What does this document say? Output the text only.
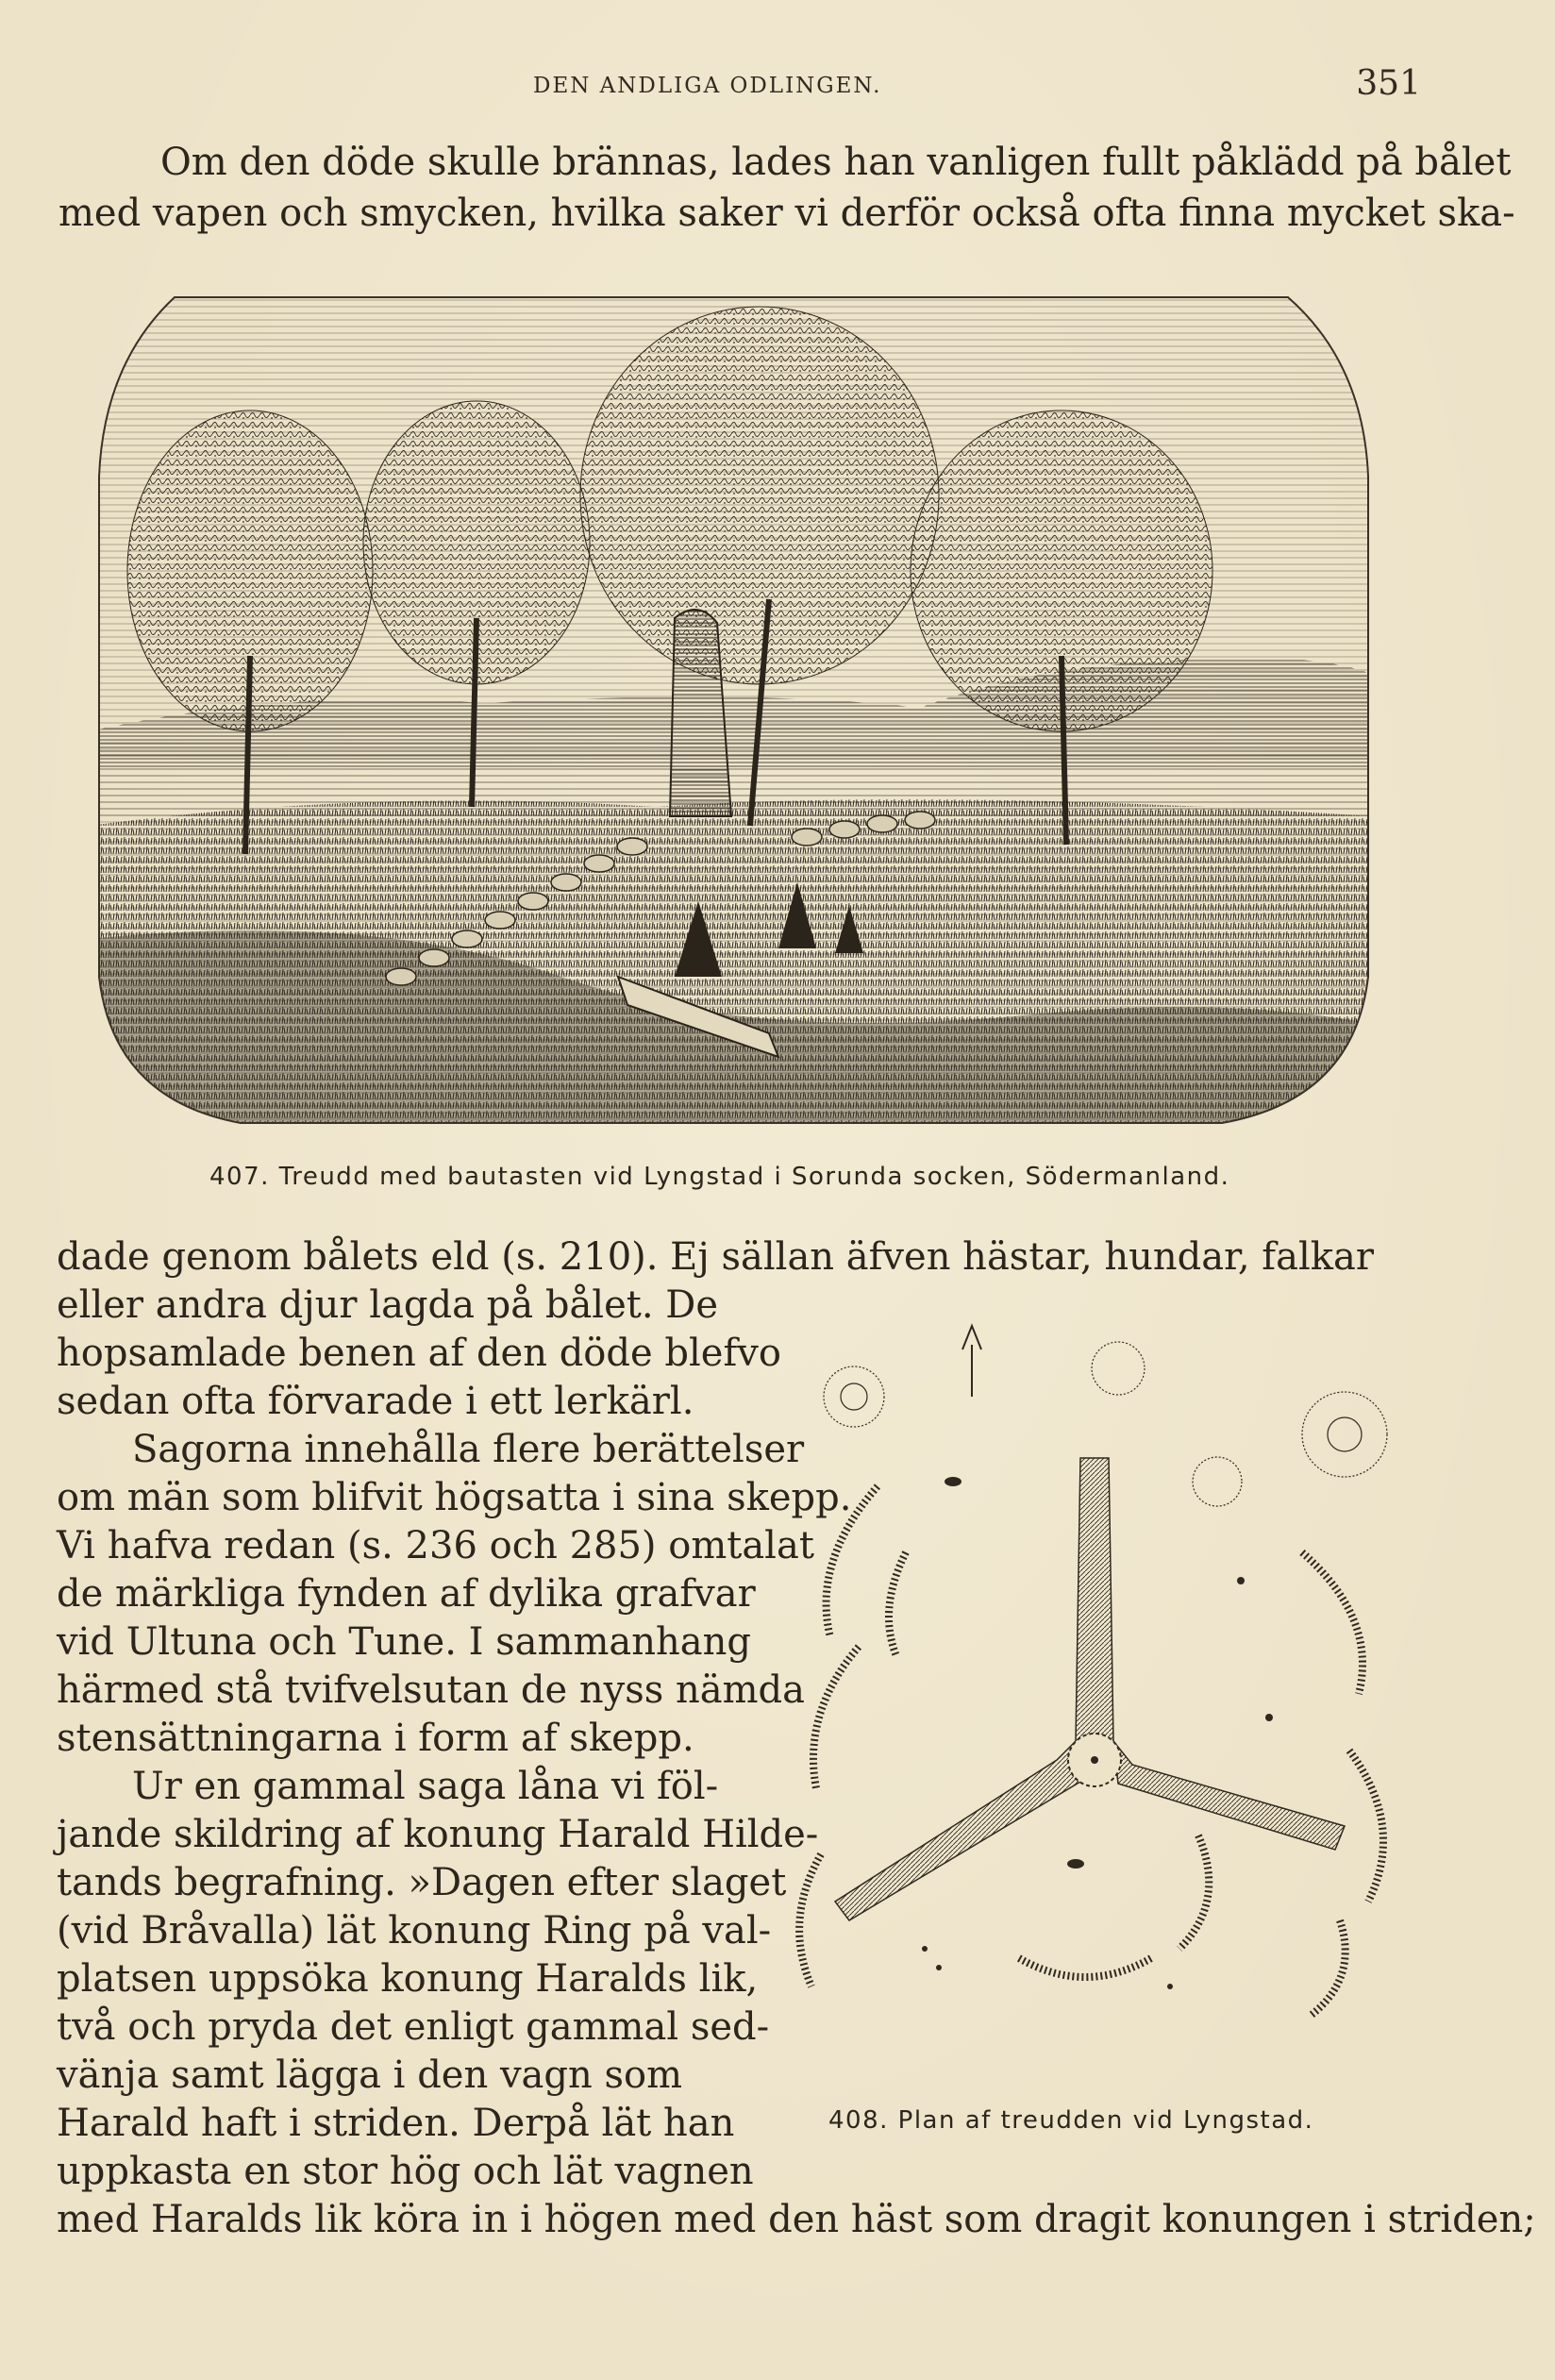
DEN ANDLIGA ODLINGEN.	351
Om den döde skulle brännas, lades han vanligen fullt påklädd på bålet
med vapen och smycken, hvilka saker vi derför också ofta finna mycket ska-
407. Treudd med bautasten vid Lyngstad i Sorunda socken, Södermanland.
dade genom bålets eld (s. 210). Ej sällan äfven hästar, hundar, falkar
eller andra djur lagda på bålet. De
hopsamlade benen af den döde blefvo
sedan ofta förvarade i ett lerkärl.
Sagorna innehålla flere berättelser
om män som blifvit högsatta i sina skepp.
Vi hafva redan (s. 236 och 285) omtalat
de märkliga fynden af dylika grafvar
vid Ultuna och Tune. I sammanhang
härmed stå tvifvelsutan de nyss nämda
stensättningarna i form af skepp.
Ur en gammal saga låna vi föl-
jande skildring af konung Harald Hilde-
tands begrafning. »Dagen efter slaget
(vid Bråvalla) lät konung Ring på val-
platsen uppsöka konung Haralds lik,
två och pryda det enligt gammal sed-
vänja samt lägga i den vagn som
Harald haft i striden. Derpå lät han
uppkasta en stor hög och lät vagnen
408. Plan af treudden vid Lyngstad.
med Haralds lik köra in i högen med den häst som dragit konungen i striden;
